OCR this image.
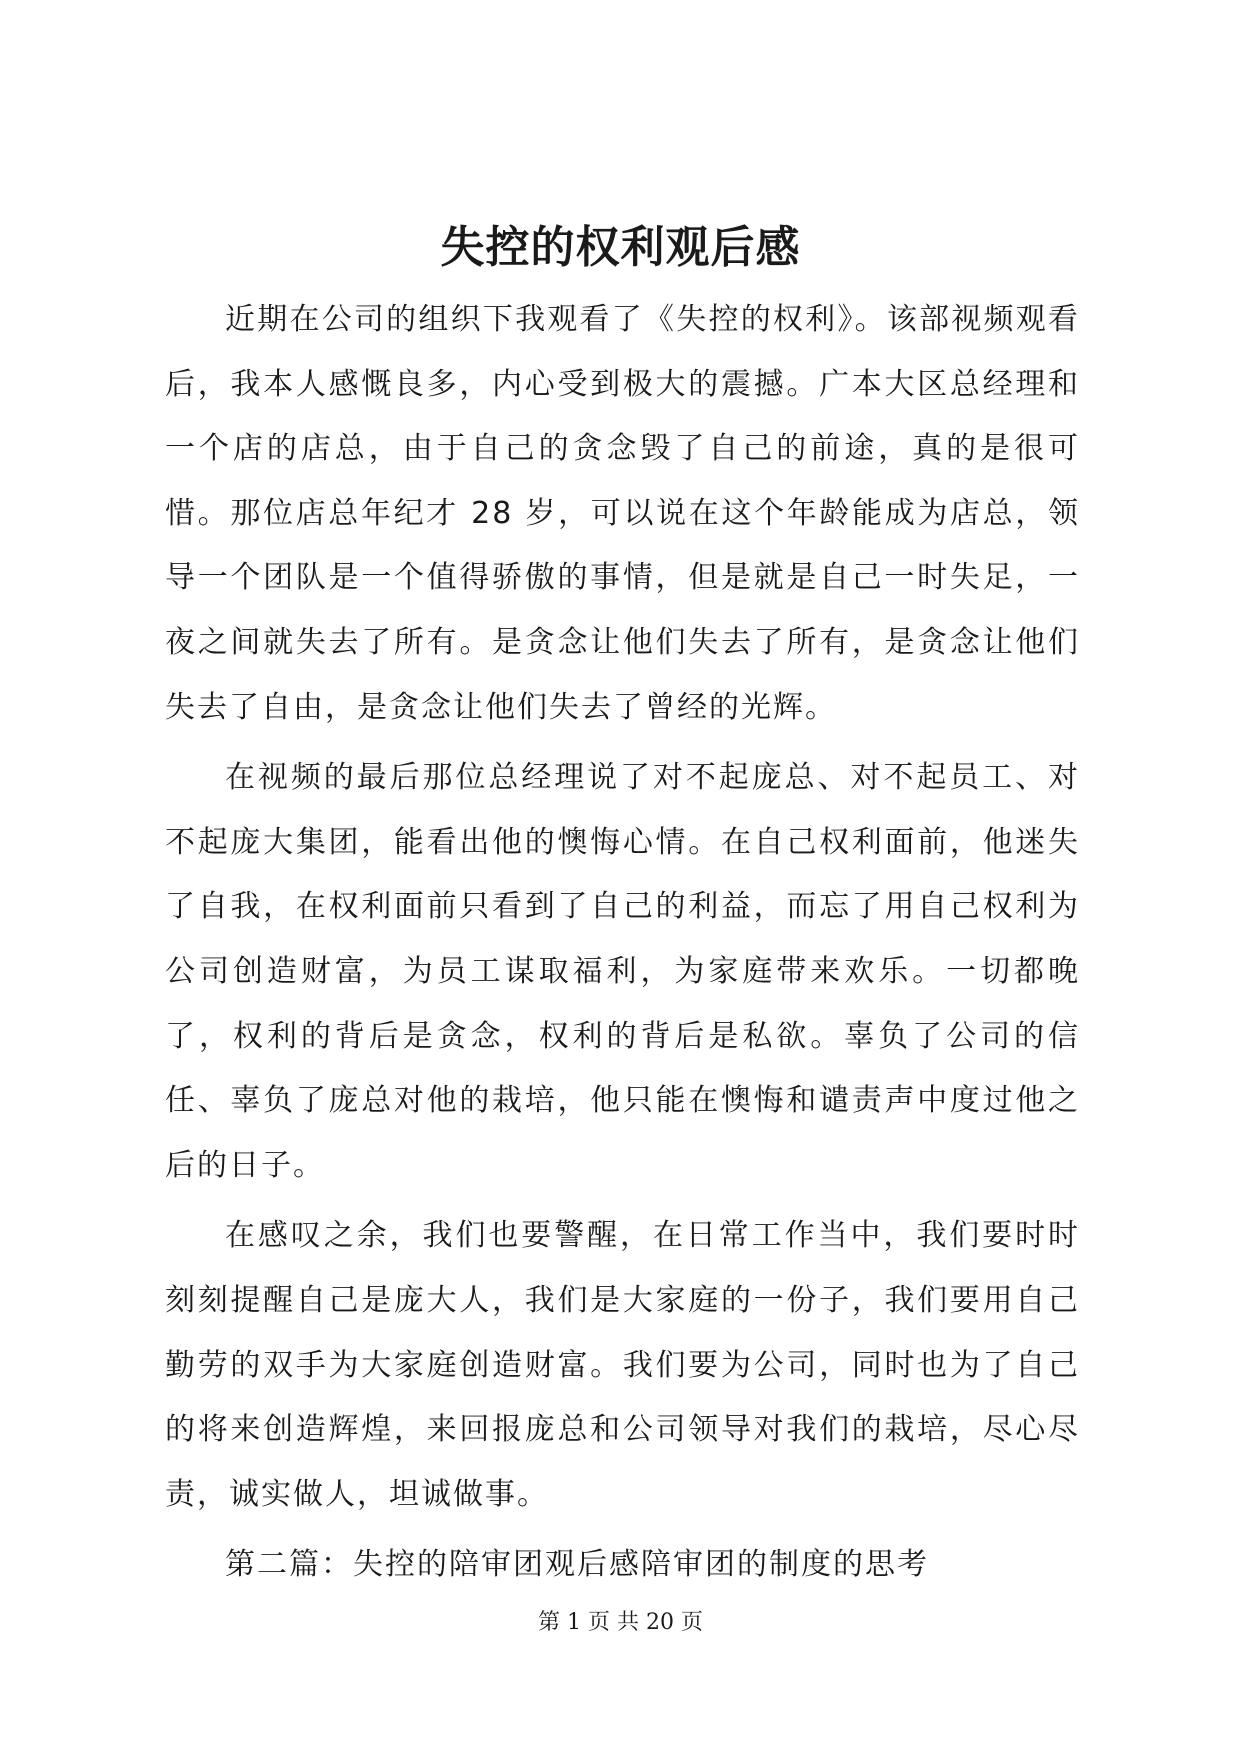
失控的权利观后感

近期在公司的组织下我观看了《失控的权利》。该部视频观看后，我本人感慨良多，内心受到极大的震撼。广本大区总经理和一个店的店总，由于自己的贪念毁了自己的前途，真的是很可惜。那位店总年纪才 28 岁，可以说在这个年龄能成为店总，领导一个团队是一个值得骄傲的事情，但是就是自己一时失足，一夜之间就失去了所有。是贪念让他们失去了所有，是贪念让他们失去了自由，是贪念让他们失去了曾经的光辉。

在视频的最后那位总经理说了对不起庞总、对不起员工、对不起庞大集团，能看出他的懊悔心情。在自己权利面前，他迷失了自我，在权利面前只看到了自己的利益，而忘了用自己权利为公司创造财富，为员工谋取福利，为家庭带来欢乐。一切都晚了，权利的背后是贪念，权利的背后是私欲。辜负了公司的信任、辜负了庞总对他的栽培，他只能在懊悔和谴责声中度过他之后的日子。

在感叹之余，我们也要警醒，在日常工作当中，我们要时时刻刻提醒自己是庞大人，我们是大家庭的一份子，我们要用自己勤劳的双手为大家庭创造财富。我们要为公司，同时也为了自己的将来创造辉煌，来回报庞总和公司领导对我们的栽培，尽心尽责，诚实做人，坦诚做事。

第二篇：失控的陪审团观后感陪审团的制度的思考

第 1 页 共 20 页
